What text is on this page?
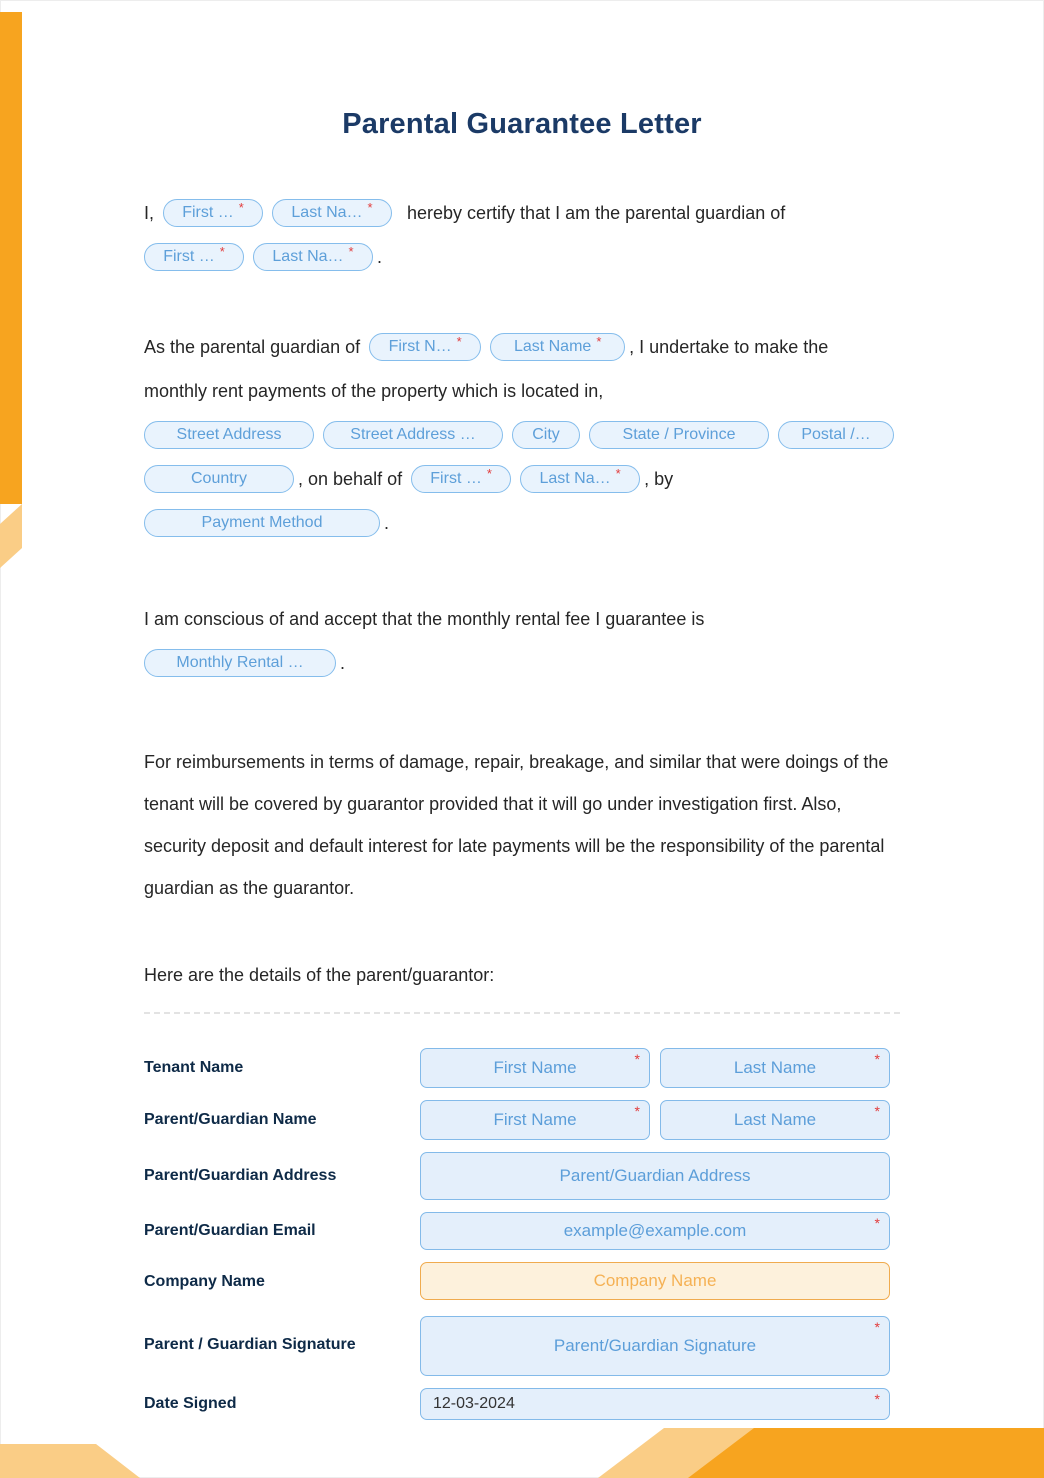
Parental Guarantee Letter
I, First … *	Last Na… * hereby certify that I am the parental guardian of
First … *	Last Na… * .
As the parental guardian of First N… *	Last Name * , I undertake to make the
monthly rent payments of the property which is located in,
Street Address	Street Address …	City	State / Province	Postal /…
Country	, on behalf of First … *	Last Na… * , by
Payment Method	.
I am conscious of and accept that the monthly rental fee I guarantee is
Monthly Rental … .

For reimbursements in terms of damage, repair, breakage, and similar that were doings of the tenant will be covered by guarantor provided that it will go under investigation first. Also, security deposit and default interest for late payments will be the responsibility of the parental guardian as the guarantor.

Here are the details of the parent/guarantor:
Tenant Name	First Name	*	Last Name	*
Parent/Guardian Name	First Name	*	Last Name	*
Parent/Guardian Address	Parent/Guardian Address
Parent/Guardian Email	example@example.com	*
Company Name	Company Name
Parent / Guardian Signature	Parent/Guardian Signature
*
Date Signed	12-03-2024	*
